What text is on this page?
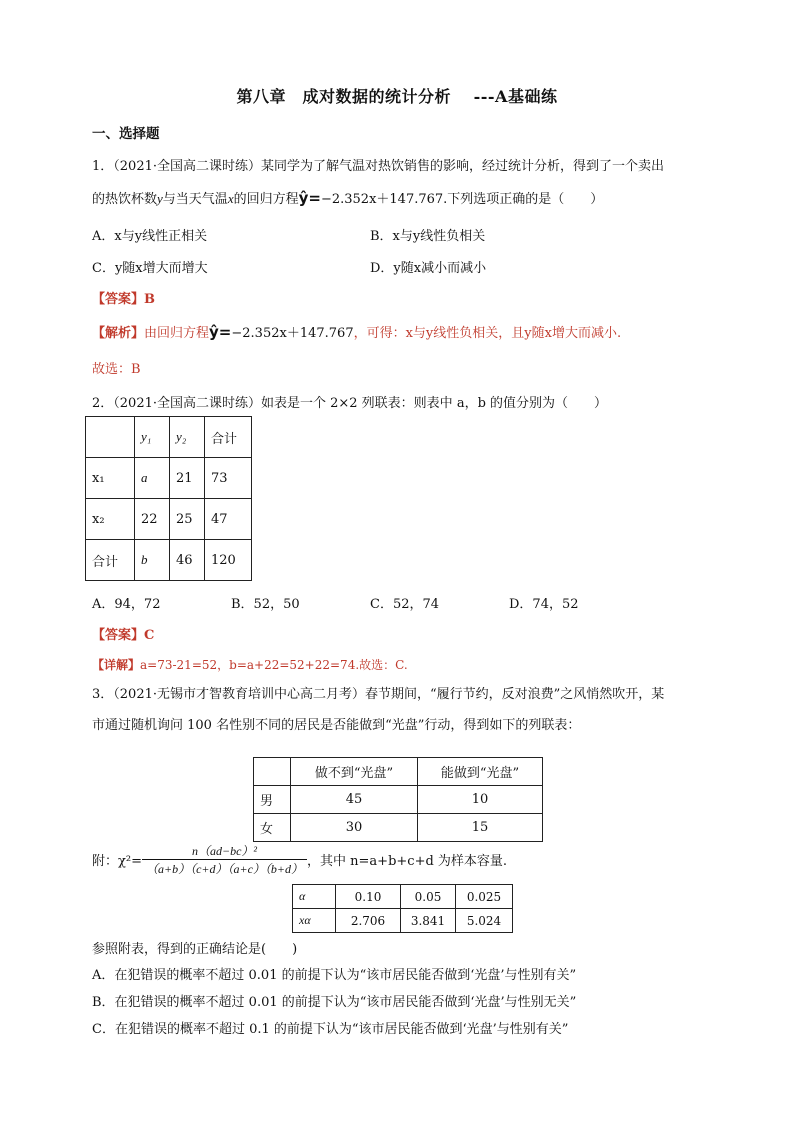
第八章　成对数据的统计分析　 ---A基础练
一、选择题
1．（2021·全国高二课时练）某同学为了解气温对热饮销售的影响，经过统计分析，得到了一个卖出
的热饮杯数y与当天气温x的回归方程ŷ=−2.352x＋147.767.下列选项正确的是（　　）
A．x与y线性正相关	B．x与y线性负相关
C．y随x增大而增大	D．y随x减小而减小
【答案】B
【解析】由回归方程ŷ=−2.352x＋147.767，可得：x与y线性负相关，且y随x增大而减小.
故选：B
2．（2021·全国高二课时练）如表是一个 2×2 列联表：则表中 a，b 的值分别为（　　）
	y₁	y₂	合计
x₁	a	21	73
x₂	22	25	47
合计	b	46	120
A．94，72	B．52，50	C．52，74	D．74，52
【答案】C
【详解】a=73-21=52，b=a+22=52+22=74.故选：C.
3．（2021·无锡市才智教育培训中心高二月考）春节期间，“履行节约，反对浪费”之风悄然吹开，某
市通过随机询问 100 名性别不同的居民是否能做到“光盘”行动，得到如下的列联表：
	做不到“光盘”	能做到“光盘”
男	45	10
女	30	15
附：$\chi^2= \frac{\text{n（ad−bc）²}}{(a+b)(c+d)(a+c)(b+d)}$ ，其中 n=a+b+c+d 为样本容量.
α	0.10	0.05	0.025
xα	2.706	3.841	5.024
参照附表，得到的正确结论是(　　)
A．在犯错误的概率不超过 0.01 的前提下认为“该市居民能否做到‘光盘’与性别有关”
B．在犯错误的概率不超过 0.01 的前提下认为“该市居民能否做到‘光盘’与性别无关”
C．在犯错误的概率不超过 0.1 的前提下认为“该市居民能否做到‘光盘’与性别有关”
